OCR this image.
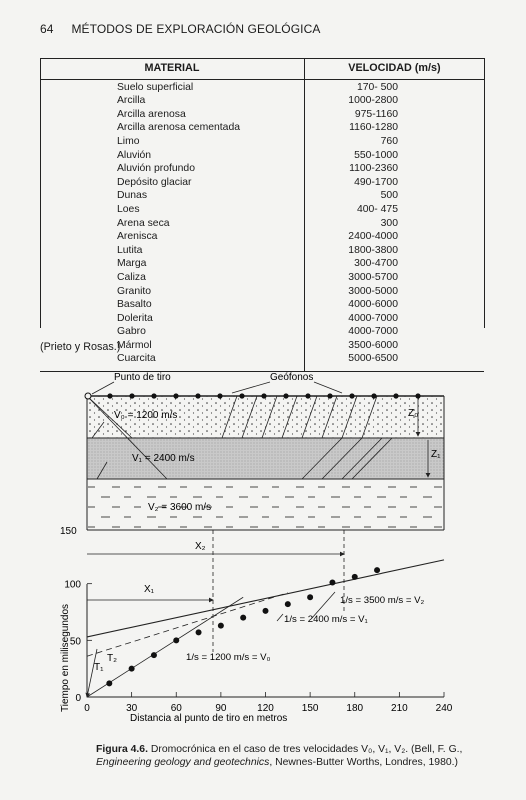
64 MÉTODOS DE EXPLORACIÓN GEOLÓGICA
MATERIAL	VELOCIDAD (m/s)
Suelo superficial	170- 500
Arcilla	1000-2800
Arcilla arenosa	975-1160
Arcilla arenosa cementada	1160-1280
Limo	760
Aluvión	550-1000
Aluvión profundo	1100-2360
Depósito glaciar	490-1700
Dunas	500
Loes	400- 475
Arena seca	300
Arenisca	2400-4000
Lutita	1800-3800
Marga	300-4700
Caliza	3000-5700
Granito	3000-5000
Basalto	4000-6000
Dolerita	4000-7000
Gabro	4000-7000
Mármol	3500-6000
Cuarcita	5000-6500
(Prieto y Rosas.)
Punto de tiro	Geófonos
V₀ = 1200 m/s
V₁ = 2400 m/s
V₂ = 3600 m/s
Z₀
Z₁
150
X₂
X₁
0	30	60	90	120	150	180	210	240
0
50
100
1/s = 3500 m/s = V₂
1/s = 2400 m/s = V₁
1/s = 1200 m/s = V₀
T₁
T₂
Tiempo en milisegundos
Distancia al punto de tiro en metros
Figura 4.6. Dromocrónica en el caso de tres velocidades V₀, V₁, V₂. (Bell, F. G., Engineering geology and geotechnics, Newnes-Butter Worths, Londres, 1980.)
